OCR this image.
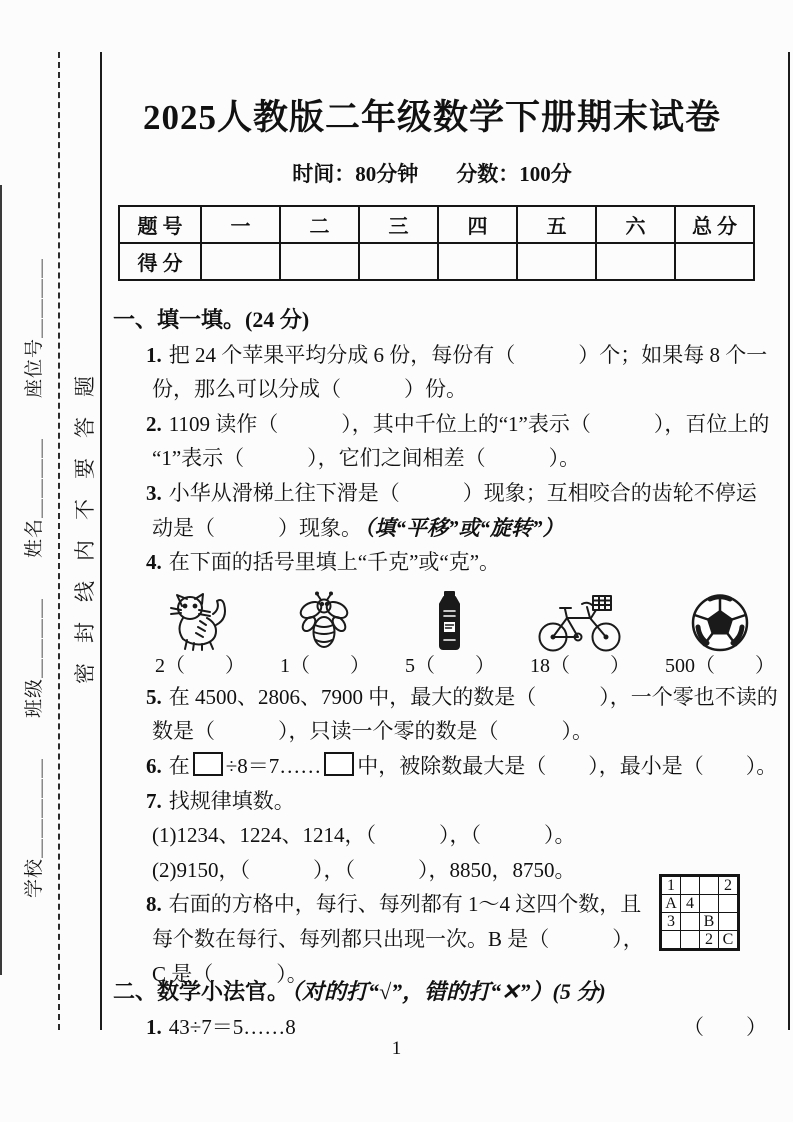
学校＿＿＿＿＿　　班级＿＿＿＿　　姓名＿＿＿＿　　座位号＿＿＿＿ 密封线内不要答题
2025人教版二年级数学下册期末试卷
时间：80分钟 分数：100分
题 号	一	二	三	四	五	六	总 分
得 分							
一、填一填。(24 分)
1. 把 24 个苹果平均分成 6 份，每份有（　　　）个；如果每 8 个一
份，那么可以分成（　　　）份。
2. 1109 读作（　　　），其中千位上的“1”表示（　　　），百位上的
“1”表示（　　　），它们之间相差（　　　）。
3. 小华从滑梯上往下滑是（　　　）现象；互相咬合的齿轮不停运
动是（　　　）现象。（填“平移”或“旋转”）
4. 在下面的括号里填上“千克”或“克”。
2（　　） 1（　　） 5（　　） 18（　　） 500（　　）
5. 在 4500、2806、7900 中，最大的数是（　　　），一个零也不读的
数是（　　　），只读一个零的数是（　　　）。
6. 在 ÷8＝7…… 中，被除数最大是（　　），最小是（　　）。
7. 找规律填数。
(1)1234、1224、1214，（　　　），（　　　）。
(2)9150，（　　　），（　　　），8850，8750。
8. 右面的方格中，每行、每列都有 1～4 这四个数，且
每个数在每行、每列都只出现一次。B 是（　　　），
C 是（　　　）。
二、数学小法官。（对的打“√”，错的打“✕”）(5 分)
1. 43÷7＝5……8	（　　）
1			2
A	4		
3		B	
		2	C
1
